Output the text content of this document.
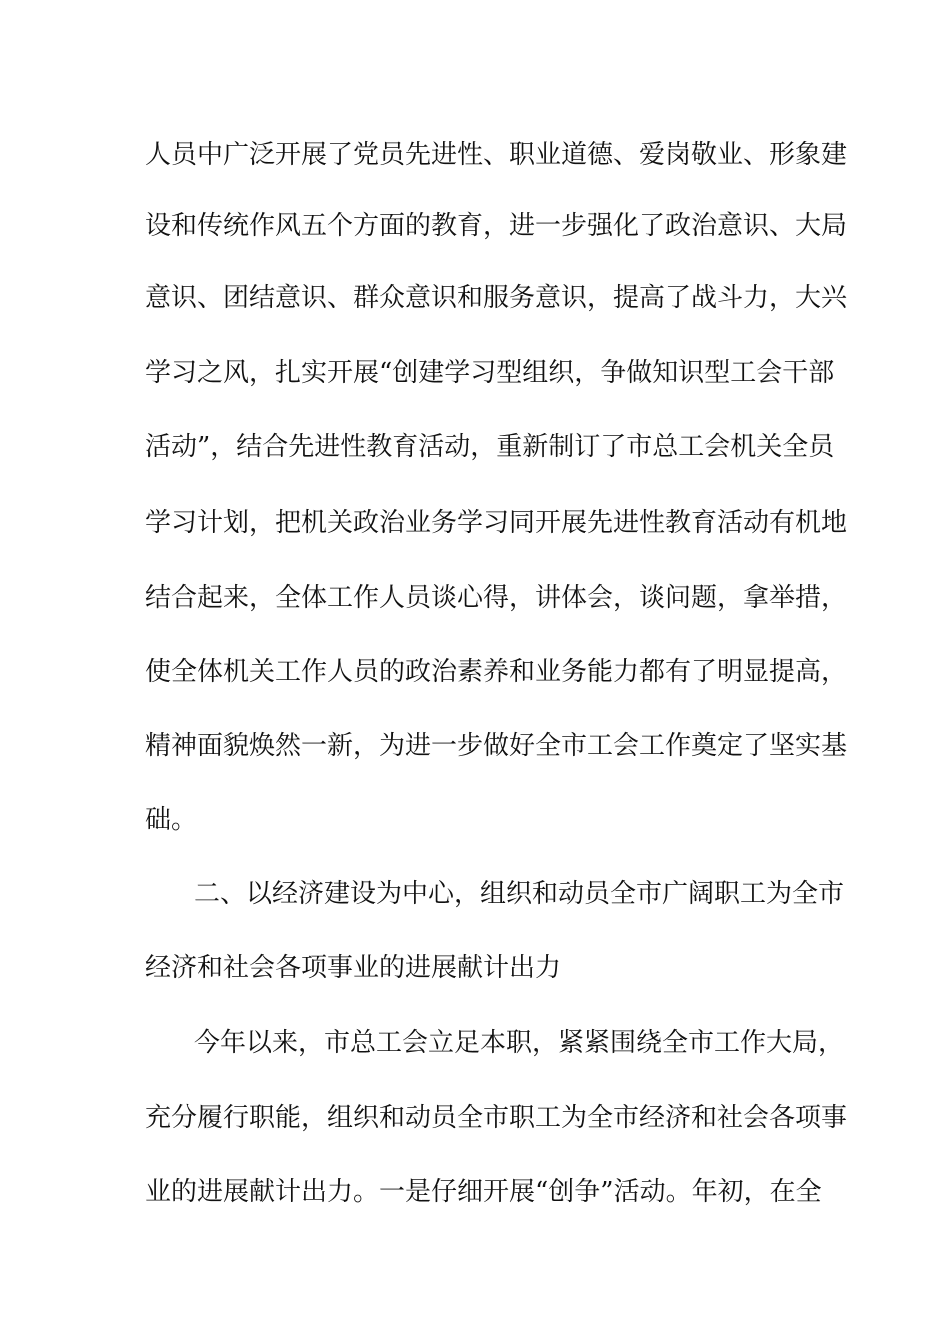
人员中广泛开展了党员先进性、职业道德、爱岗敬业、形象建
设和传统作风五个方面的教育，进一步强化了政治意识、大局
意识、团结意识、群众意识和服务意识，提高了战斗力，大兴
学习之风，扎实开展“创建学习型组织，争做知识型工会干部
活动”，结合先进性教育活动，重新制订了市总工会机关全员
学习计划，把机关政治业务学习同开展先进性教育活动有机地
结合起来，全体工作人员谈心得，讲体会，谈问题，拿举措，
使全体机关工作人员的政治素养和业务能力都有了明显提高，
精神面貌焕然一新，为进一步做好全市工会工作奠定了坚实基
础。
二、以经济建设为中心，组织和动员全市广阔职工为全市
经济和社会各项事业的进展献计出力
今年以来，市总工会立足本职，紧紧围绕全市工作大局，
充分履行职能，组织和动员全市职工为全市经济和社会各项事
业的进展献计出力。一是仔细开展“创争”活动。年初，在全
